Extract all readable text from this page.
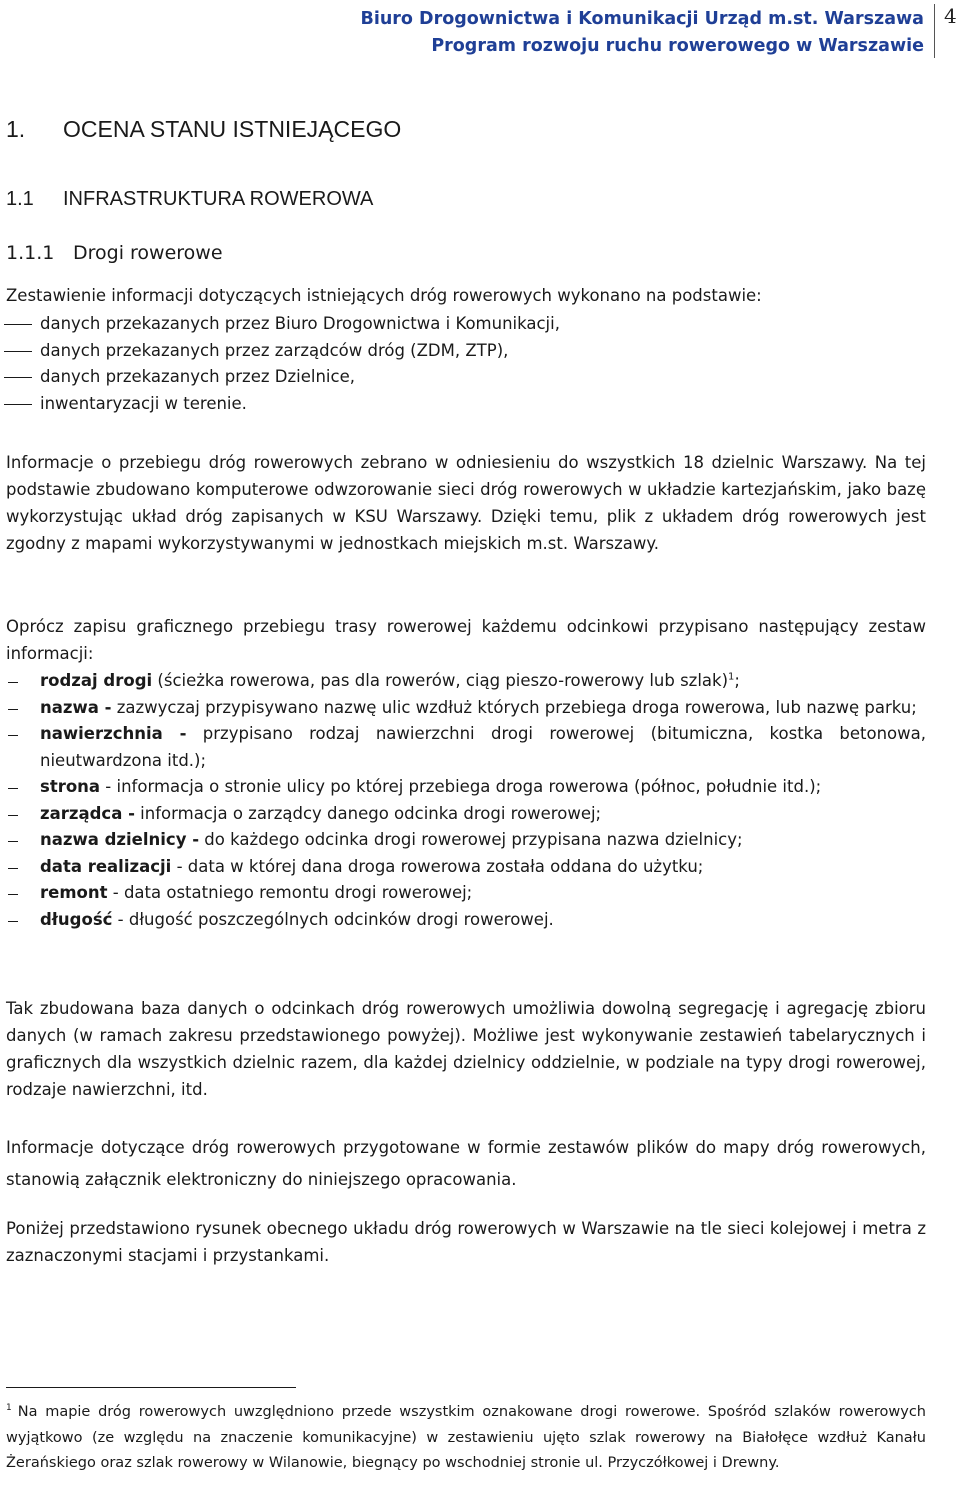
Biuro Drogownictwa i Komunikacji Urząd m.st. Warszawa
Program rozwoju ruchu rowerowego w Warszawie
4
1. OCENA STANU ISTNIEJĄCEGO
1.1 INFRASTRUKTURA ROWEROWA
1.1.1 Drogi rowerowe
Zestawienie informacji dotyczących istniejących dróg rowerowych wykonano na podstawie:
danych przekazanych przez Biuro Drogownictwa i Komunikacji,
danych przekazanych przez zarządców dróg (ZDM, ZTP),
danych przekazanych przez Dzielnice,
inwentaryzacji w terenie.
Informacje o przebiegu dróg rowerowych zebrano w odniesieniu do wszystkich 18 dzielnic Warszawy. Na tej podstawie zbudowano komputerowe odwzorowanie sieci dróg rowerowych w układzie kartezjańskim, jako bazę wykorzystując układ dróg zapisanych w KSU Warszawy. Dzięki temu, plik z układem dróg rowerowych jest zgodny z mapami wykorzystywanymi w jednostkach miejskich m.st. Warszawy.
Oprócz zapisu graficznego przebiegu trasy rowerowej każdemu odcinkowi przypisano następujący zestaw informacji:
rodzaj drogi (ścieżka rowerowa, pas dla rowerów, ciąg pieszo-rowerowy lub szlak)$^1$;
nazwa - zazwyczaj przypisywano nazwę ulic wzdłuż których przebiega droga rowerowa, lub nazwę parku;
nawierzchnia - przypisano rodzaj nawierzchni drogi rowerowej (bitumiczna, kostka betonowa, nieutwardzona itd.);
strona - informacja o stronie ulicy po której przebiega droga rowerowa (północ, południe itd.);
zarządca - informacja o zarządcy danego odcinka drogi rowerowej;
nazwa dzielnicy - do każdego odcinka drogi rowerowej przypisana nazwa dzielnicy;
data realizacji - data w której dana droga rowerowa została oddana do użytku;
remont - data ostatniego remontu drogi rowerowej;
długość - długość poszczególnych odcinków drogi rowerowej.
Tak zbudowana baza danych o odcinkach dróg rowerowych umożliwia dowolną segregację i agregację zbioru danych (w ramach zakresu przedstawionego powyżej). Możliwe jest wykonywanie zestawień tabelarycznych i graficznych dla wszystkich dzielnic razem, dla każdej dzielnicy oddzielnie, w podziale na typy drogi rowerowej, rodzaje nawierzchni, itd.
Informacje dotyczące dróg rowerowych przygotowane w formie zestawów plików do mapy dróg rowerowych, stanowią załącznik elektroniczny do niniejszego opracowania.
Poniżej przedstawiono rysunek obecnego układu dróg rowerowych w Warszawie na tle sieci kolejowej i metra z zaznaczonymi stacjami i przystankami.
$^1$ Na mapie dróg rowerowych uwzględniono przede wszystkim oznakowane drogi rowerowe. Spośród szlaków rowerowych wyjątkowo (ze względu na znaczenie komunikacyjne) w zestawieniu ujęto szlak rowerowy na Białołęce wzdłuż Kanału Żerańskiego oraz szlak rowerowy w Wilanowie, biegnący po wschodniej stronie ul. Przyczółkowej i Drewny.
